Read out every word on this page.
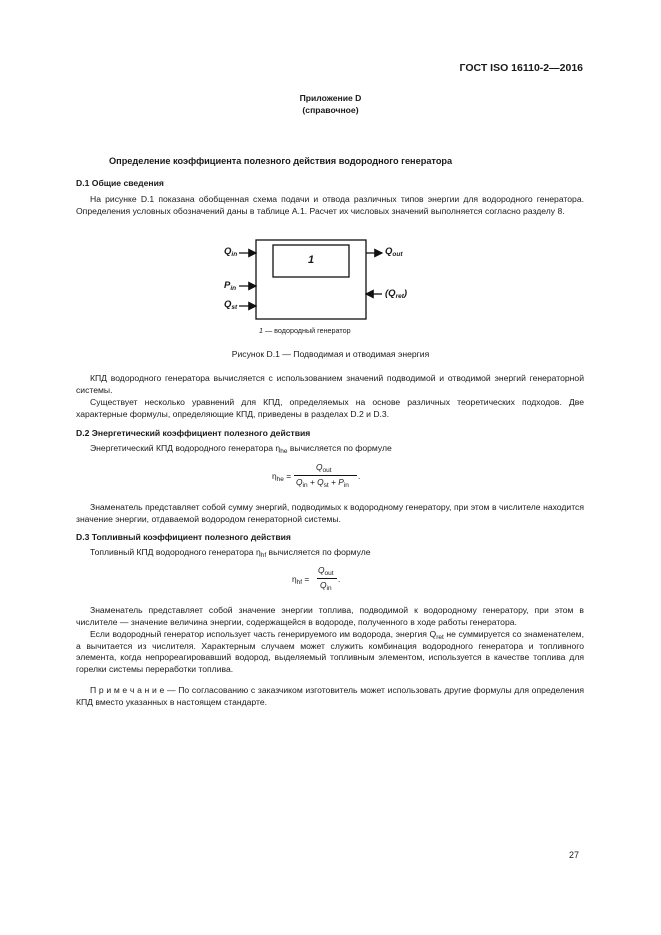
ГОСТ ISO 16110-2—2016
Приложение D
(справочное)
Определение коэффициента полезного действия водородного генератора
D.1 Общие сведения
На рисунке D.1 показана обобщенная схема подачи и отвода различных типов энергии для водородного генератора. Определения условных обозначений даны в таблице А.1. Расчет их числовых значений выполняется согласно разделу 8.
1
$Q_{in}$
$P_{in}$
$Q_{st}$
$Q_{out}$
$(Q_{ret})$
1 — водородный генератор
Рисунок D.1 — Подводимая и отводимая энергия
КПД водородного генератора вычисляется с использованием значений подводимой и отводимой энергий генераторной системы.
Существует несколько уравнений для КПД, определяемых на основе различных теоретических подходов. Две характерные формулы, определяющие КПД, приведены в разделах D.2 и D.3.
D.2 Энергетический коэффициент полезного действия
Энергетический КПД водородного генератора $\eta_{he}$ вычисляется по формуле
$\eta_{he}$ =
$Q_{out}$
$Q_{in} + Q_{st} + P_{in}$
.
Знаменатель представляет собой сумму энергий, подводимых к водородному генератору, при этом в числителе находится значение энергии, отдаваемой водородом генераторной системы.
D.3 Топливный коэффициент полезного действия
Топливный КПД водородного генератора $\eta_{hf}$ вычисляется по формуле
$\eta_{hf}$ =
$Q_{out}$
$Q_{in}$
.
Знаменатель представляет собой значение энергии топлива, подводимой к водородному генератору, при этом в числителе — значение величина энергии, содержащейся в водороде, полученного в ходе работы генератора.
Если водородный генератор использует часть генерируемого им водорода, энергия $Q_{ret}$ не суммируется со знаменателем, а вычитается из числителя. Характерным случаем может служить комбинация водородного генератора и топливного элемента, когда непрореагировавший водород, выделяемый топливным элементом, используется в качестве топлива для горелки системы переработки топлива.
П р и м е ч а н и е — По согласованию с заказчиком изготовитель может использовать другие формулы для определения КПД вместо указанных в настоящем стандарте.
27
